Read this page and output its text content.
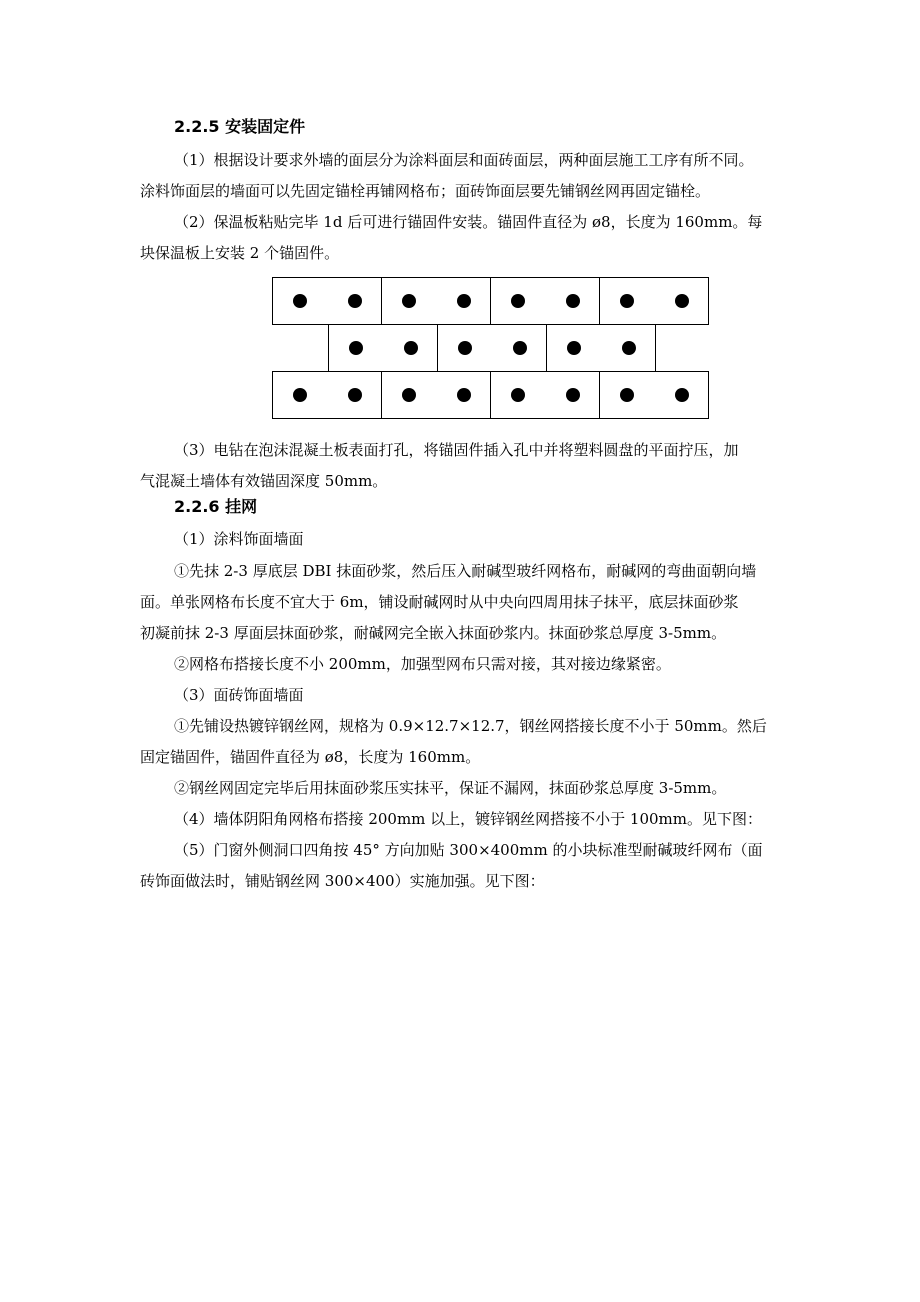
2.2.5 安装固定件
（1）根据设计要求外墙的面层分为涂料面层和面砖面层，两种面层施工工序有所不同。
涂料饰面层的墙面可以先固定锚栓再铺网格布；面砖饰面层要先铺钢丝网再固定锚栓。
（2）保温板粘贴完毕 1d 后可进行锚固件安装。锚固件直径为 ø8，长度为 160mm。每
块保温板上安装 2 个锚固件。
（3）电钻在泡沫混凝土板表面打孔，将锚固件插入孔中并将塑料圆盘的平面拧压，加
气混凝土墙体有效锚固深度 50mm。
2.2.6 挂网
（1）涂料饰面墙面
①先抹 2-3 厚底层 DBI 抹面砂浆，然后压入耐碱型玻纤网格布，耐碱网的弯曲面朝向墙
面。单张网格布长度不宜大于 6m，铺设耐碱网时从中央向四周用抹子抹平，底层抹面砂浆
初凝前抹 2-3 厚面层抹面砂浆，耐碱网完全嵌入抹面砂浆内。抹面砂浆总厚度 3-5mm。
②网格布搭接长度不小 200mm，加强型网布只需对接，其对接边缘紧密。
（3）面砖饰面墙面
①先铺设热镀锌钢丝网，规格为 0.9×12.7×12.7，钢丝网搭接长度不小于 50mm。然后
固定锚固件，锚固件直径为 ø8，长度为 160mm。
②钢丝网固定完毕后用抹面砂浆压实抹平，保证不漏网，抹面砂浆总厚度 3-5mm。
（4）墙体阴阳角网格布搭接 200mm 以上，镀锌钢丝网搭接不小于 100mm。见下图：
（5）门窗外侧洞口四角按 45° 方向加贴 300×400mm 的小块标准型耐碱玻纤网布（面
砖饰面做法时，铺贴钢丝网 300×400）实施加强。见下图：
